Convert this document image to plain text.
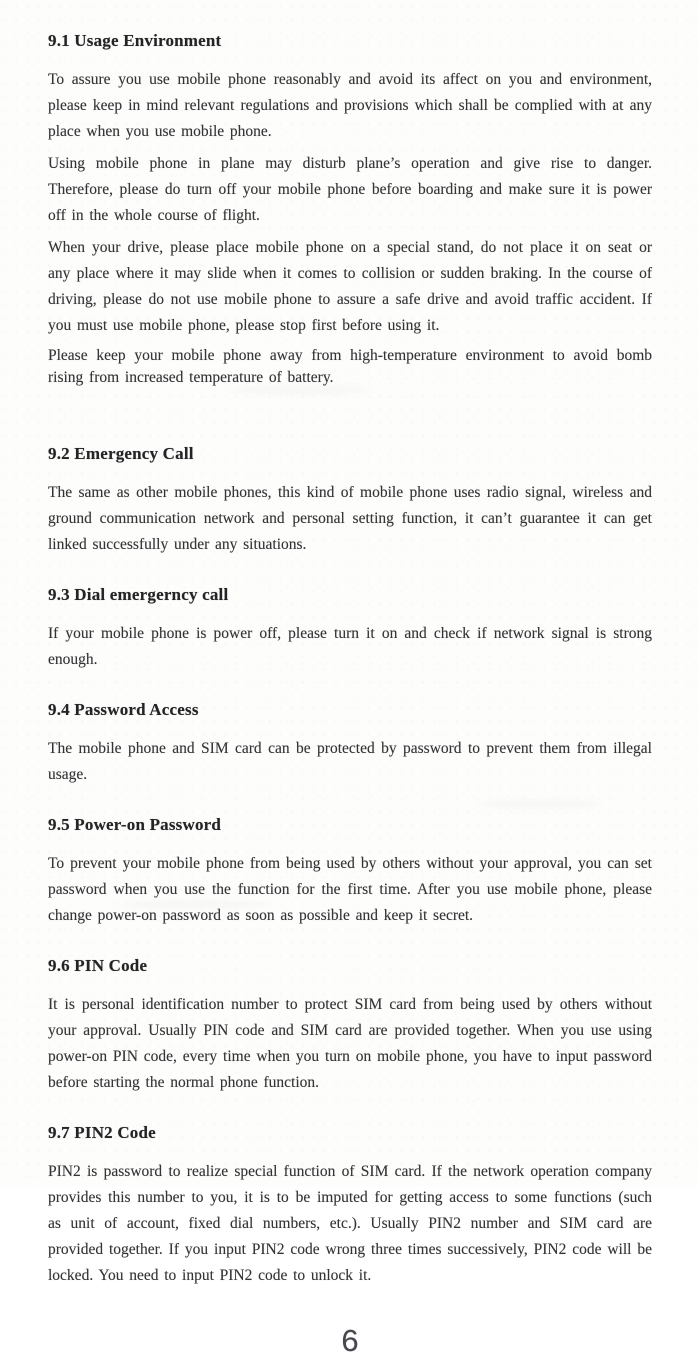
9.1 Usage Environment

To assure you use mobile phone reasonably and avoid its affect on you and environment, please keep in mind relevant regulations and provisions which shall be complied with at any place when you use mobile phone.

Using mobile phone in plane may disturb plane’s operation and give rise to danger. Therefore, please do turn off your mobile phone before boarding and make sure it is power off in the whole course of flight.

When your drive, please place mobile phone on a special stand, do not place it on seat or any place where it may slide when it comes to collision or sudden braking. In the course of driving, please do not use mobile phone to assure a safe drive and avoid traffic accident. If you must use mobile phone, please stop first before using it.

Please keep your mobile phone away from high-temperature environment to avoid bomb rising from increased temperature of battery.

9.2 Emergency Call

The same as other mobile phones, this kind of mobile phone uses radio signal, wireless and ground communication network and personal setting function, it can’t guarantee it can get linked successfully under any situations.

9.3 Dial emergerncy call

If your mobile phone is power off, please turn it on and check if network signal is strong enough.

9.4 Password Access

The mobile phone and SIM card can be protected by password to prevent them from illegal usage.

9.5 Power-on Password

To prevent your mobile phone from being used by others without your approval, you can set password when you use the function for the first time. After you use mobile phone, please change power-on password as soon as possible and keep it secret.

9.6 PIN Code

It is personal identification number to protect SIM card from being used by others without your approval. Usually PIN code and SIM card are provided together. When you use using power-on PIN code, every time when you turn on mobile phone, you have to input password before starting the normal phone function.

9.7 PIN2 Code

PIN2 is password to realize special function of SIM card. If the network operation company provides this number to you, it is to be imputed for getting access to some functions (such as unit of account, fixed dial numbers, etc.). Usually PIN2 number and SIM card are provided together. If you input PIN2 code wrong three times successively, PIN2 code will be locked. You need to input PIN2 code to unlock it.

6
